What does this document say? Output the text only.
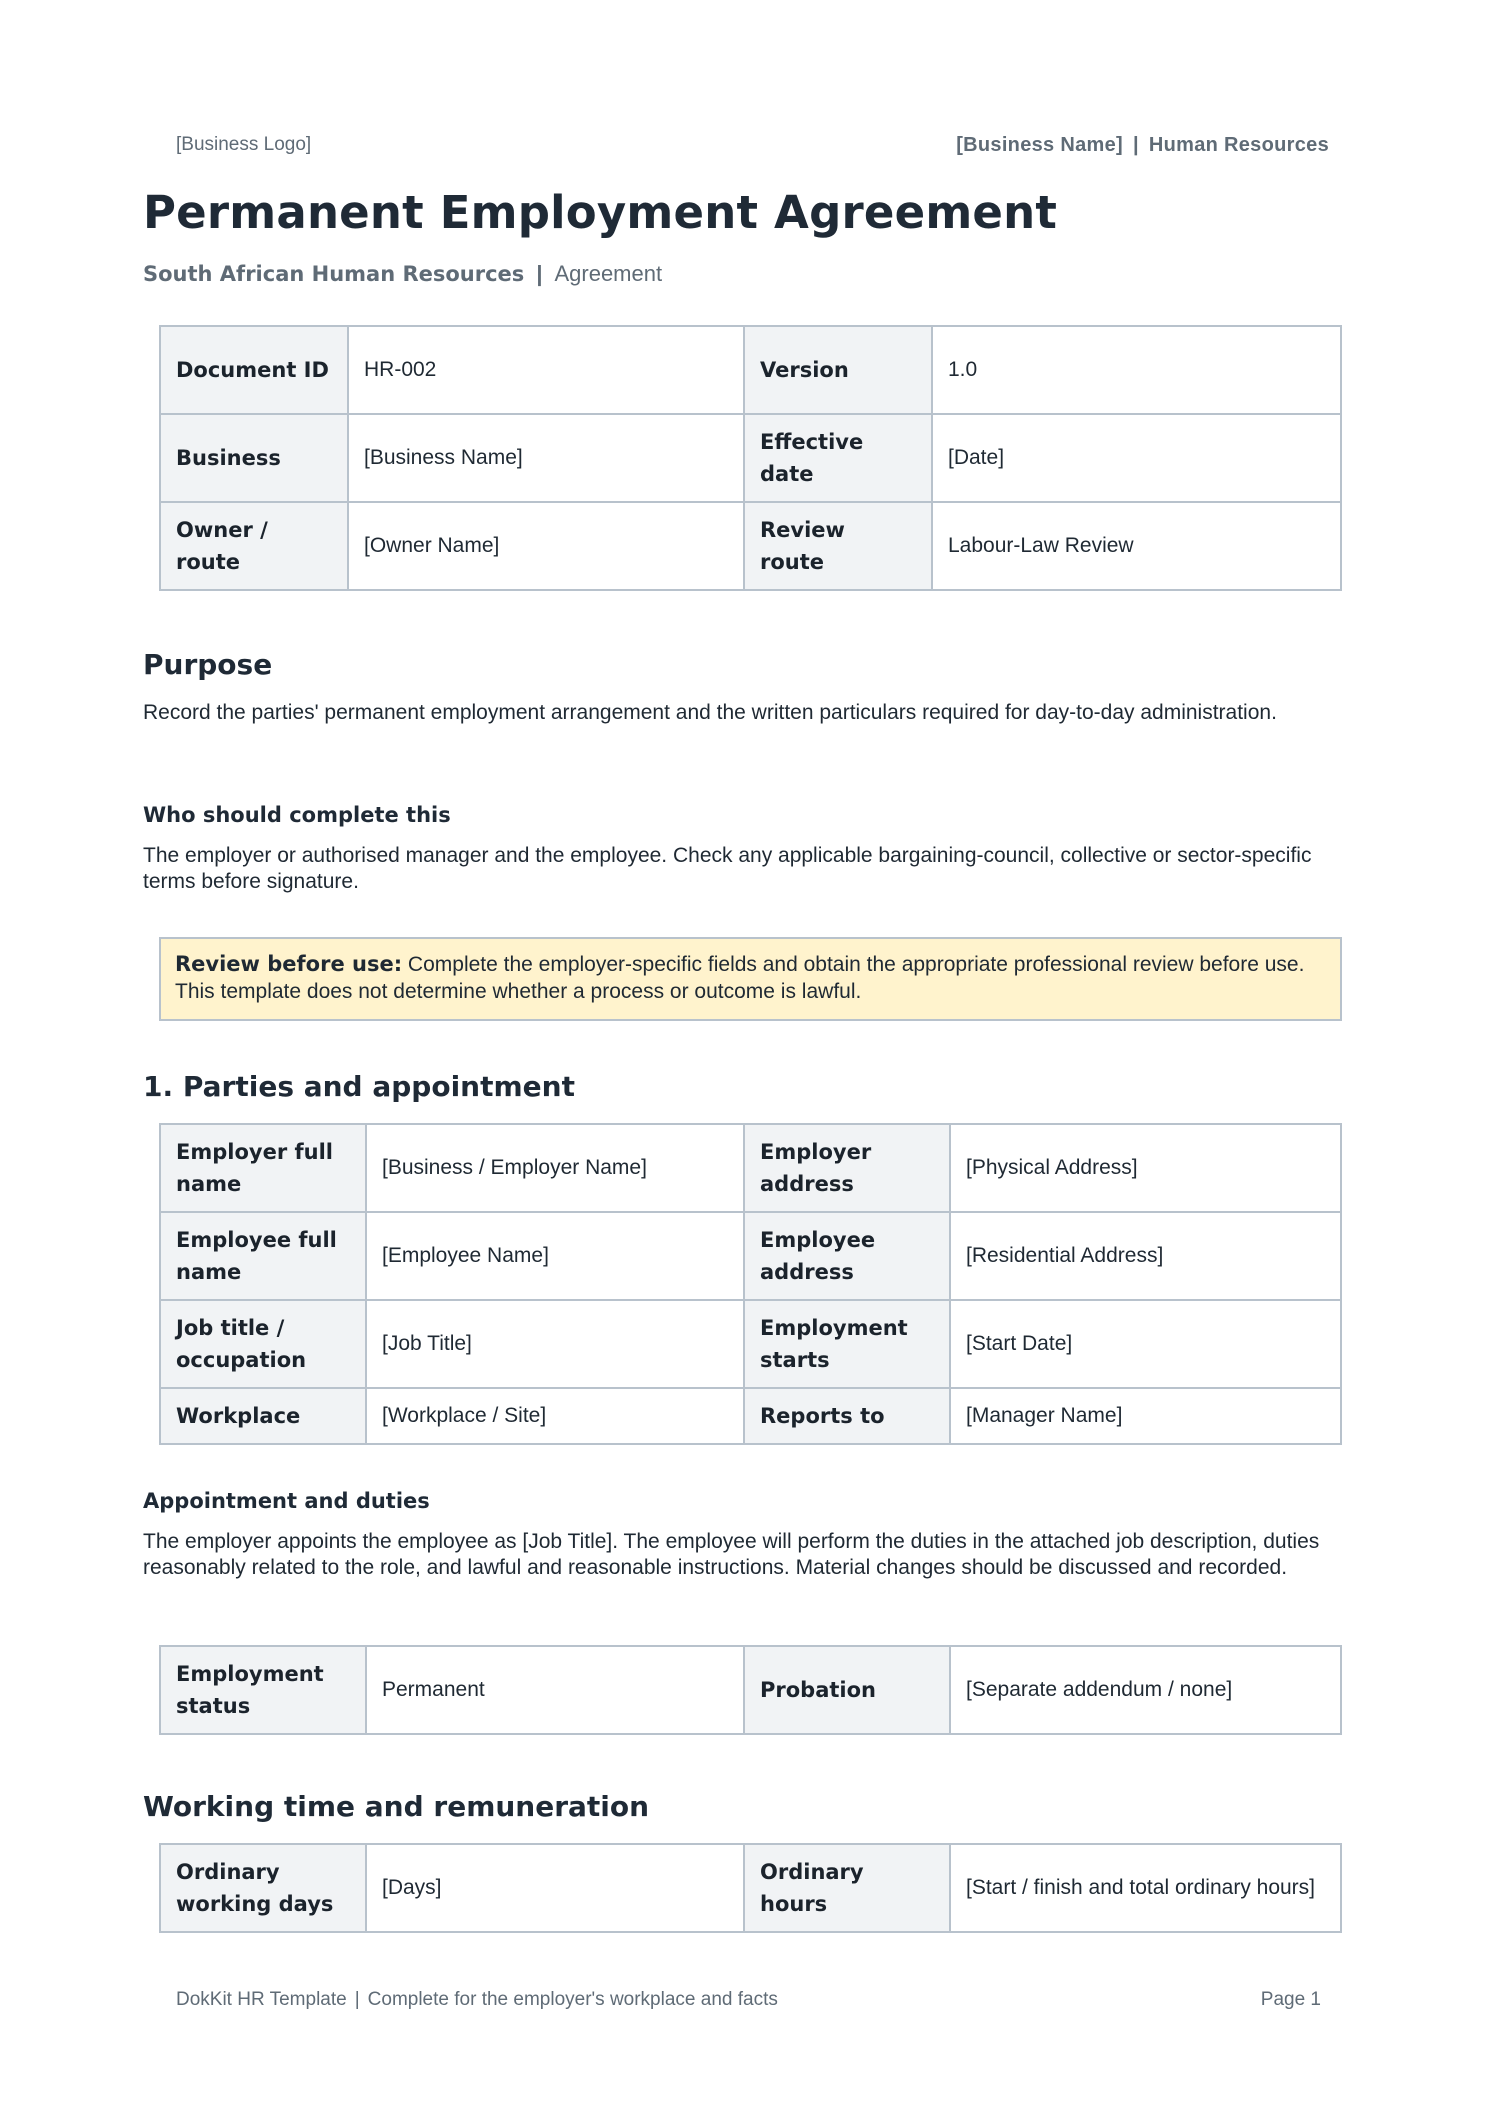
[Business Logo]	[Business Name] | Human Resources
Permanent Employment Agreement
South African Human Resources | Agreement
Document ID	HR-002	Version	1.0
Business	[Business Name]	Effective date	[Date]
Owner / route	[Owner Name]	Review route	Labour-Law Review
Purpose

Record the parties' permanent employment arrangement and the written particulars required for day-to-day administration.

Who should complete this

The employer or authorised manager and the employee. Check any applicable bargaining-council, collective or sector-specific terms before signature.

Review before use: Complete the employer-specific fields and obtain the appropriate professional review before use. This template does not determine whether a process or outcome is lawful.
1. Parties and appointment
Employer full name	[Business / Employer Name]	Employer address	[Physical Address]
Employee full name	[Employee Name]	Employee address	[Residential Address]
Job title / occupation	[Job Title]	Employment starts	[Start Date]
Workplace	[Workplace / Site]	Reports to	[Manager Name]
Appointment and duties

The employer appoints the employee as [Job Title]. The employee will perform the duties in the attached job description, duties reasonably related to the role, and lawful and reasonable instructions. Material changes should be discussed and recorded.

Employment status	Permanent	Probation	[Separate addendum / none]
Working time and remuneration
Ordinary working days	[Days]	Ordinary hours	[Start / finish and total ordinary hours]
DokKit HR Template | Complete for the employer's workplace and facts	Page 1
